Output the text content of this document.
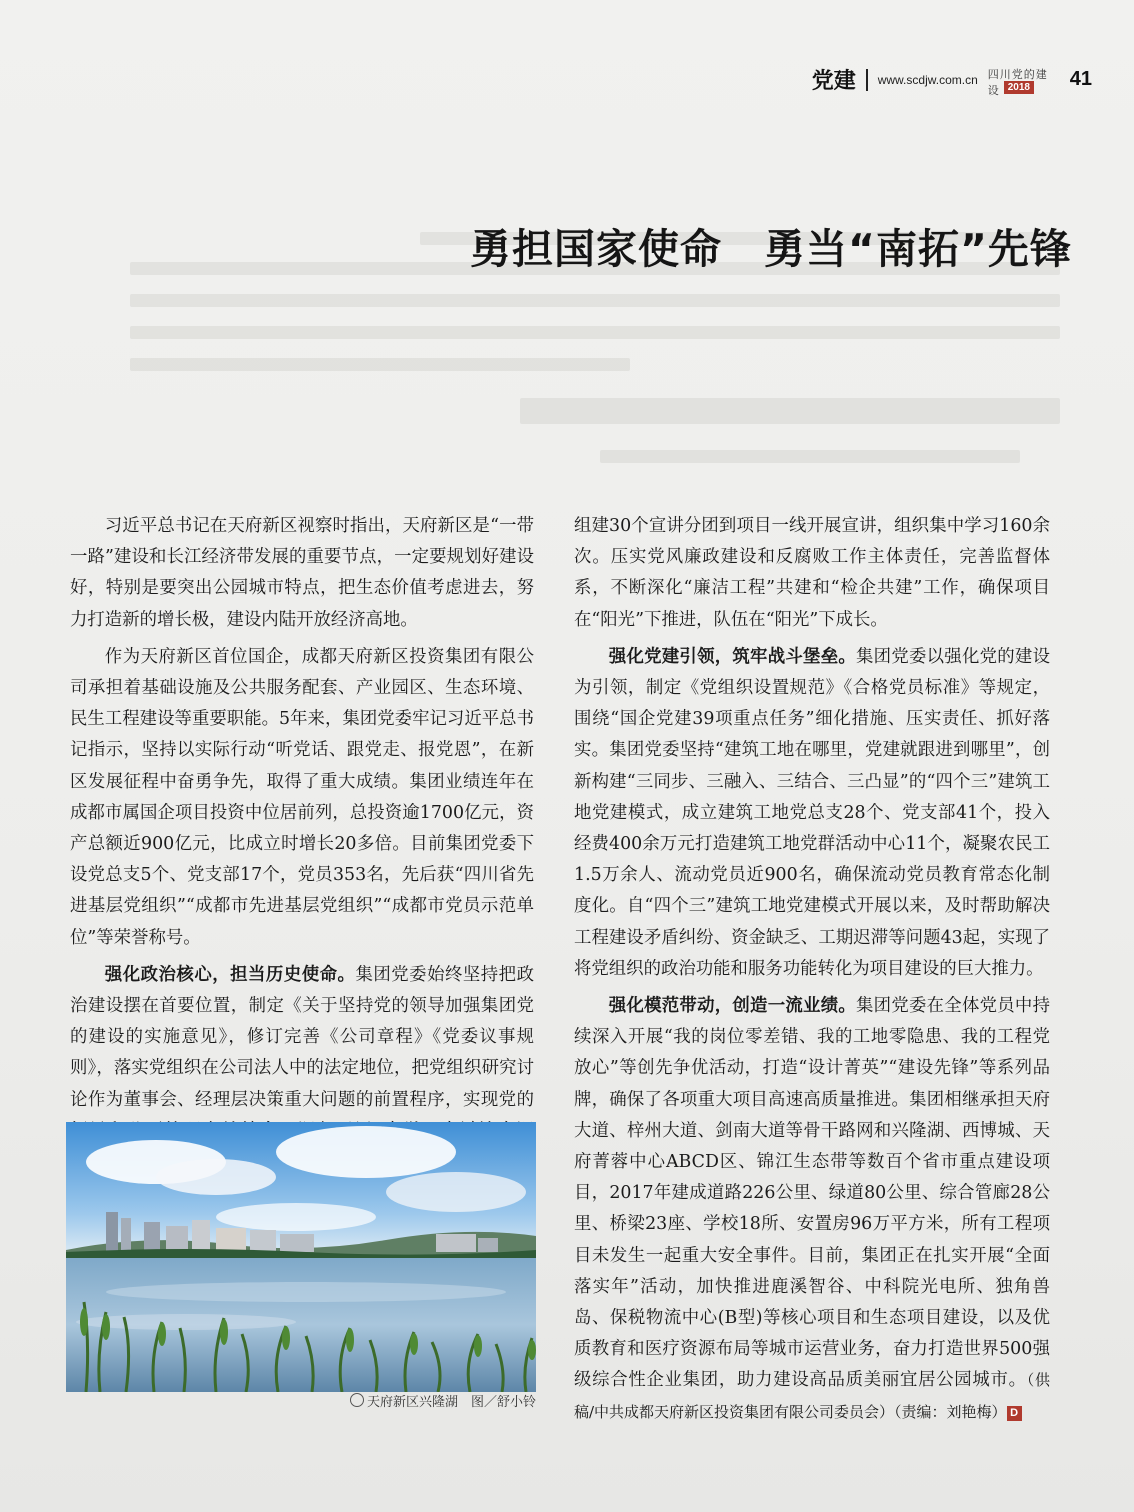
党建 www.scdjw.com.cn 四川党的建设 2018 41
勇担国家使命　勇当“南拓”先锋

习近平总书记在天府新区视察时指出，天府新区是“一带一路”建设和长江经济带发展的重要节点，一定要规划好建设好，特别是要突出公园城市特点，把生态价值考虑进去，努力打造新的增长极，建设内陆开放经济高地。

作为天府新区首位国企，成都天府新区投资集团有限公司承担着基础设施及公共服务配套、产业园区、生态环境、民生工程建设等重要职能。5年来，集团党委牢记习近平总书记指示，坚持以实际行动“听党话、跟党走、报党恩”，在新区发展征程中奋勇争先，取得了重大成绩。集团业绩连年在成都市属国企项目投资中位居前列，总投资逾1700亿元，资产总额近900亿元，比成立时增长20多倍。目前集团党委下设党总支5个、党支部17个，党员353名，先后获“四川省先进基层党组织”“成都市先进基层党组织”“成都市党员示范单位”等荣誉称号。

强化政治核心，担当历史使命。集团党委始终坚持把政治建设摆在首要位置，制定《关于坚持党的领导加强集团党的建设的实施意见》，修订完善《公司章程》《党委议事规则》，落实党组织在公司法人中的法定地位，把党组织研究讨论作为董事会、经理层决策重大问题的前置程序，实现党的

天府新区兴隆湖　图／舒小铃

组建30个宣讲分团到项目一线开展宣讲，组织集中学习160余次。压实党风廉政建设和反腐败工作主体责任，完善监督体系，不断深化“廉洁工程”共建和“检企共建”工作，确保项目在“阳光”下推进，队伍在“阳光”下成长。

强化党建引领，筑牢战斗堡垒。集团党委以强化党的建设为引领，制定《党组织设置规范》《合格党员标准》等规定，围绕“国企党建39项重点任务”细化措施、压实责任、抓好落实。集团党委坚持“建筑工地在哪里，党建就跟进到哪里”，创新构建“三同步、三融入、三结合、三凸显”的“四个三”建筑工地党建模式，成立建筑工地党总支28个、党支部41个，投入经费400余万元打造建筑工地党群活动中心11个，凝聚农民工1.5万余人、流动党员近900名，确保流动党员教育常态化制度化。自“四个三”建筑工地党建模式开展以来，及时帮助解决工程建设矛盾纠纷、资金缺乏、工期迟滞等问题43起，实现了将党组织的政治功能和服务功能转化为项目建设的巨大推力。

强化模范带动，创造一流业绩。集团党委在全体党员中持续深入开展“我的岗位零差错、我的工地零隐患、我的工程党放心”等创先争优活动，打造“设计菁英”“建设先锋”等系列品牌，确保了各项重大项目高速高质量推进。集团相继承担天府大道、梓州大道、剑南大道等骨干路网和兴隆湖、西博城、天府菁蓉中心ABCD区、锦江生态带等数百个省市重点建设项目，2017年建成道路226公里、绿道80公里、综合管廊28公里、桥梁23座、学校18所、安置房96万平方米，所有工程项目未发生一起重大安全事件。目前，集团正在扎实开展“全面落实年”活动，加快推进鹿溪智谷、中科院光电所、独角兽岛、保税物流中心(B型)等核心项目和生态项目建设，以及优质教育和医疗资源布局等城市运营业务，奋力打造世界500强级综合性企业集团，助力建设高品质美丽宜居公园城市。（供稿/中共成都天府新区投资集团有限公司委员会）（责编：刘艳梅） D
